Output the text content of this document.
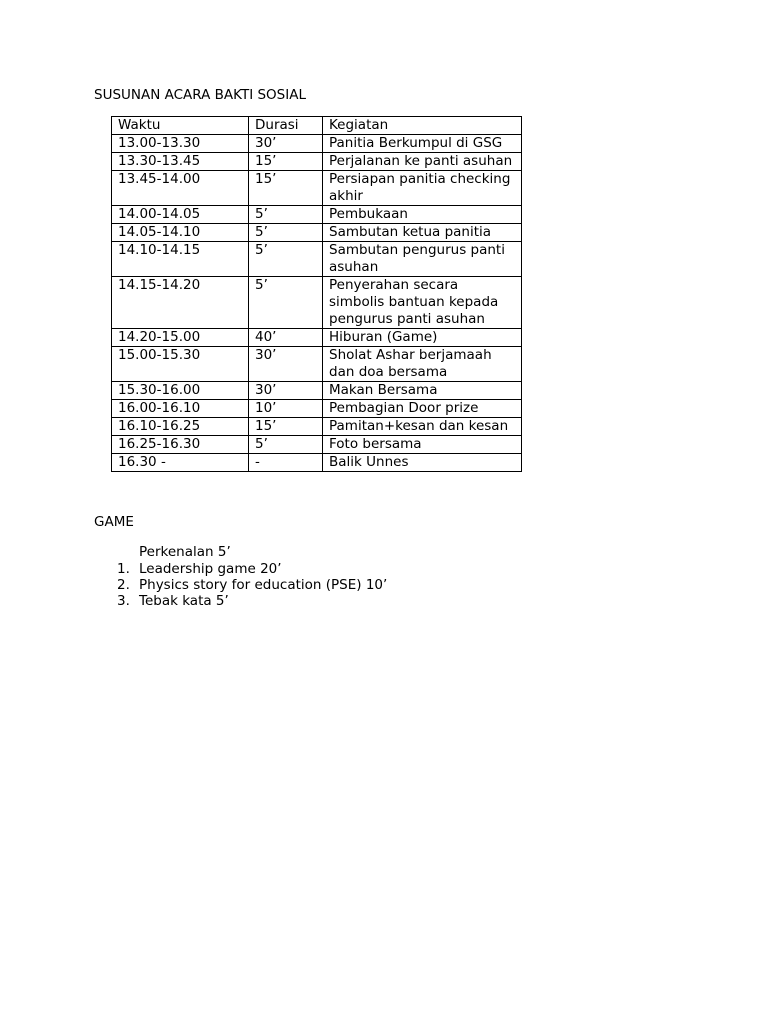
SUSUNAN ACARA BAKTI SOSIAL
Waktu	Durasi	Kegiatan
13.00-13.30	30’	Panitia Berkumpul di GSG
13.30-13.45	15’	Perjalanan ke panti asuhan
13.45-14.00	15’	Persiapan panitia checking akhir
14.00-14.05	5’	Pembukaan
14.05-14.10	5’	Sambutan ketua panitia
14.10-14.15	5’	Sambutan pengurus panti asuhan
14.15-14.20	5’	Penyerahan secara simbolis bantuan kepada pengurus panti asuhan
14.20-15.00	40’	Hiburan (Game)
15.00-15.30	30’	Sholat Ashar berjamaah dan doa bersama
15.30-16.00	30’	Makan Bersama
16.00-16.10	10’	Pembagian Door prize
16.10-16.25	15’	Pamitan+kesan dan kesan
16.25-16.30	5’	Foto bersama
16.30 -	-	Balik Unnes
GAME
Perkenalan 5’
1. Leadership game 20’
2. Physics story for education (PSE) 10’
3. Tebak kata 5’
